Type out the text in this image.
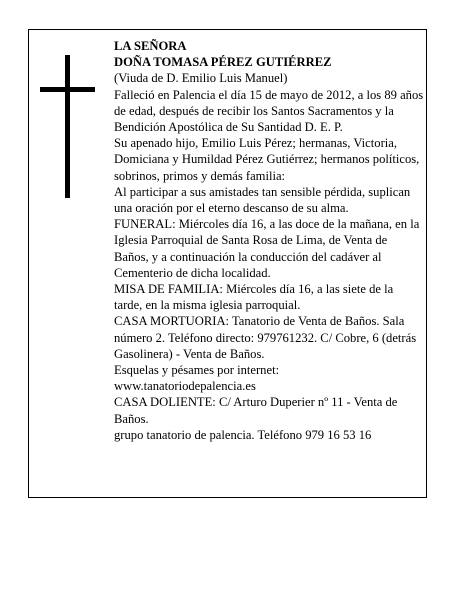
LA SEÑORA

DOÑA TOMASA PÉREZ GUTIÉRREZ

(Viuda de D. Emilio Luis Manuel)

Falleció en Palencia el día 15 de mayo de 2012, a los 89 años de edad, después de recibir los Santos Sacramentos y la Bendición Apostólica de Su Santidad D. E. P.

Su apenado hijo, Emilio Luis Pérez; hermanas, Victoria, Domiciana y Humildad Pérez Gutiérrez; hermanos políticos, sobrinos, primos y demás familia:

Al participar a sus amistades tan sensible pérdida, suplican una oración por el eterno descanso de su alma.

FUNERAL: Miércoles día 16, a las doce de la mañana, en la Iglesia Parroquial de Santa Rosa de Lima, de Venta de Baños, y a continuación la conducción del cadáver al Cementerio de dicha localidad.

MISA DE FAMILIA: Miércoles día 16, a las siete de la tarde, en la misma iglesia parroquial.

CASA MORTUORIA: Tanatorio de Venta de Baños. Sala número 2. Teléfono directo: 979761232. C/ Cobre, 6 (detrás Gasolinera) - Venta de Baños.

Esquelas y pésames por internet:

www.tanatoriodepalencia.es

CASA DOLIENTE: C/ Arturo Duperier nº 11 - Venta de Baños.

grupo tanatorio de palencia. Teléfono 979 16 53 16
